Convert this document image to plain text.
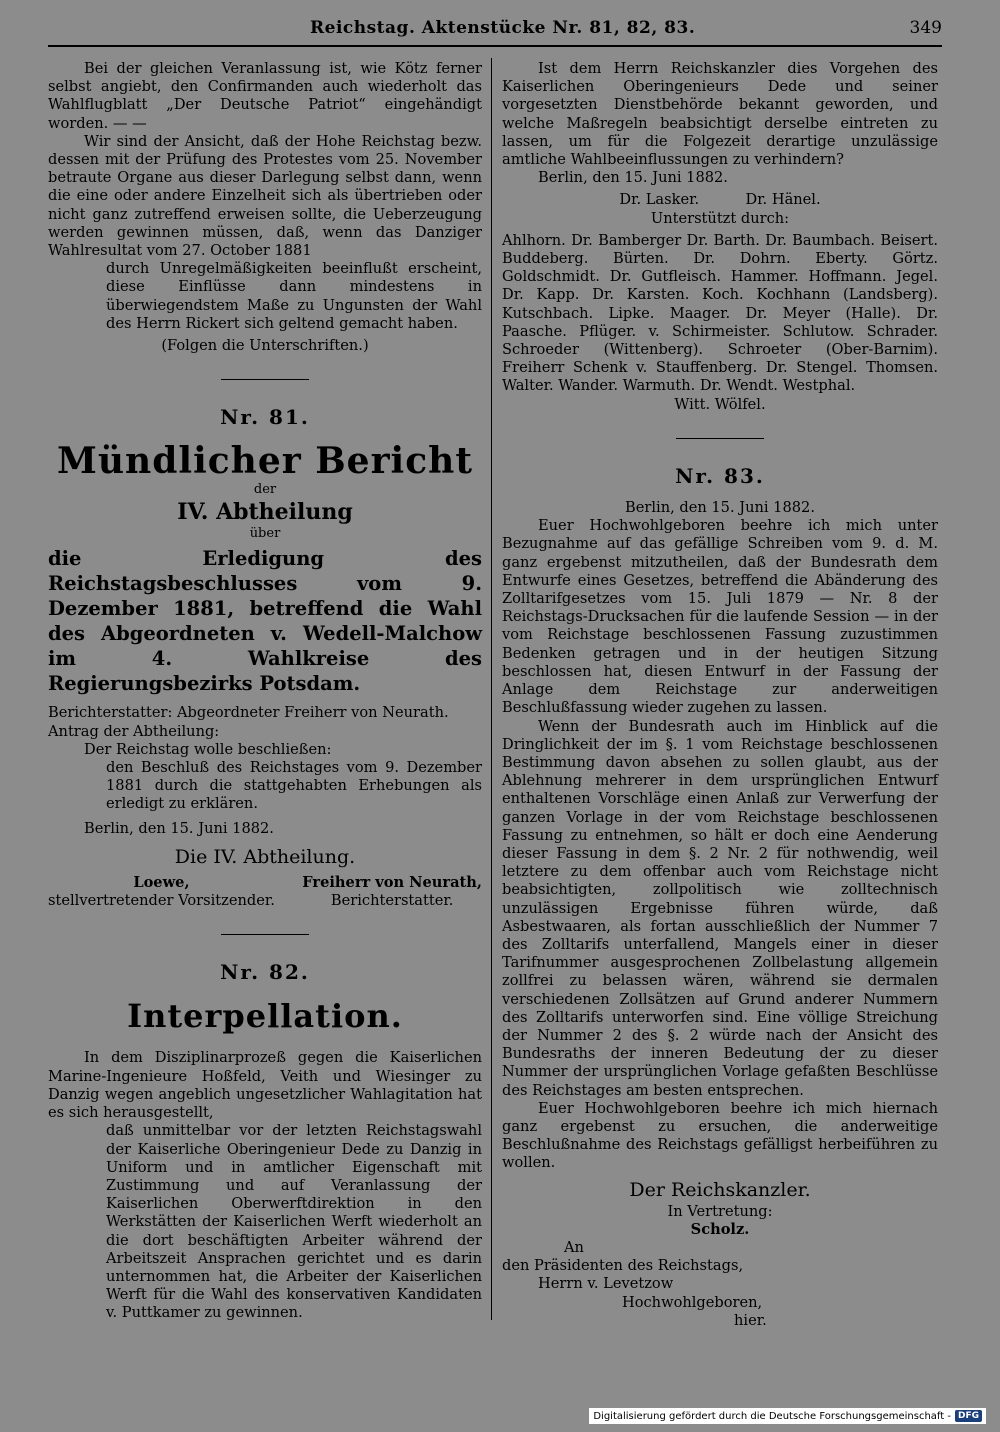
Reichstag. Aktenstücke Nr. 81, 82, 83.	349

Bei der gleichen Veranlassung ist, wie Kötz ferner selbst angiebt, den Confirmanden auch wiederholt das Wahlflugblatt „Der Deutsche Patriot“ eingehändigt worden. — —

Wir sind der Ansicht, daß der Hohe Reichstag bezw. dessen mit der Prüfung des Protestes vom 25. November betraute Organe aus dieser Darlegung selbst dann, wenn die eine oder andere Einzelheit sich als übertrieben oder nicht ganz zutreffend erweisen sollte, die Ueberzeugung werden gewinnen müssen, daß, wenn das Danziger Wahlresultat vom 27. October 1881

durch Unregelmäßigkeiten beeinflußt erscheint, diese Einflüsse dann mindestens in überwiegendstem Maße zu Ungunsten der Wahl des Herrn Rickert sich geltend gemacht haben.

(Folgen die Unterschriften.)

Nr. 81.
Mündlicher Bericht
der
IV. Abtheilung
über

die Erledigung des Reichstagsbeschlusses vom 9. Dezember 1881, betreffend die Wahl des Abgeordneten v. Wedell-Malchow im 4. Wahlkreise des Regierungsbezirks Potsdam.

Berichterstatter: Abgeordneter Freiherr von Neurath.

Antrag der Abtheilung:

Der Reichstag wolle beschließen:

den Beschluß des Reichstages vom 9. Dezember 1881 durch die stattgehabten Erhebungen als erledigt zu erklären.

Berlin, den 15. Juni 1882.

Die IV. Abtheilung.
Loewe,
stellvertretender Vorsitzender.
Freiherr von Neurath,
Berichterstatter.
Nr. 82.
Interpellation.

In dem Disziplinarprozeß gegen die Kaiserlichen Marine-Ingenieure Hoßfeld, Veith und Wiesinger zu Danzig wegen angeblich ungesetzlicher Wahlagitation hat es sich herausgestellt,

daß unmittelbar vor der letzten Reichstagswahl der Kaiserliche Oberingenieur Dede zu Danzig in Uniform und in amtlicher Eigenschaft mit Zustimmung und auf Veranlassung der Kaiserlichen Oberwerftdirektion in den Werkstätten der Kaiserlichen Werft wiederholt an die dort beschäftigten Arbeiter während der Arbeitszeit Ansprachen gerichtet und es darin unternommen hat, die Arbeiter der Kaiserlichen Werft für die Wahl des konservativen Kandidaten v. Puttkamer zu gewinnen.

Ist dem Herrn Reichskanzler dies Vorgehen des Kaiserlichen Oberingenieurs Dede und seiner vorgesetzten Dienstbehörde bekannt geworden, und welche Maßregeln beabsichtigt derselbe eintreten zu lassen, um für die Folgezeit derartige unzulässige amtliche Wahlbeeinflussungen zu verhindern?

Berlin, den 15. Juni 1882.

Dr. Lasker.          Dr. Hänel.

Unterstützt durch:

Ahlhorn. Dr. Bamberger Dr. Barth. Dr. Baumbach. Beisert. Buddeberg. Bürten. Dr. Dohrn. Eberty. Görtz. Goldschmidt. Dr. Gutfleisch. Hammer. Hoffmann. Jegel. Dr. Kapp. Dr. Karsten. Koch. Kochhann (Landsberg). Kutschbach. Lipke. Maager. Dr. Meyer (Halle). Dr. Paasche. Pflüger. v. Schirmeister. Schlutow. Schrader. Schroeder (Wittenberg). Schroeter (Ober-Barnim). Freiherr Schenk v. Stauffenberg. Dr. Stengel. Thomsen. Walter. Wander. Warmuth. Dr. Wendt. Westphal.

Witt. Wölfel.

Nr. 83.

Berlin, den 15. Juni 1882.

Euer Hochwohlgeboren beehre ich mich unter Bezugnahme auf das gefällige Schreiben vom 9. d. M. ganz ergebenst mitzutheilen, daß der Bundesrath dem Entwurfe eines Gesetzes, betreffend die Abänderung des Zolltarifgesetzes vom 15. Juli 1879 — Nr. 8 der Reichstags-Drucksachen für die laufende Session — in der vom Reichstage beschlossenen Fassung zuzustimmen Bedenken getragen und in der heutigen Sitzung beschlossen hat, diesen Entwurf in der Fassung der Anlage dem Reichstage zur anderweitigen Beschlußfassung wieder zugehen zu lassen.

Wenn der Bundesrath auch im Hinblick auf die Dringlichkeit der im §. 1 vom Reichstage beschlossenen Bestimmung davon absehen zu sollen glaubt, aus der Ablehnung mehrerer in dem ursprünglichen Entwurf enthaltenen Vorschläge einen Anlaß zur Verwerfung der ganzen Vorlage in der vom Reichstage beschlossenen Fassung zu entnehmen, so hält er doch eine Aenderung dieser Fassung in dem §. 2 Nr. 2 für nothwendig, weil letztere zu dem offenbar auch vom Reichstage nicht beabsichtigten, zollpolitisch wie zolltechnisch unzulässigen Ergebnisse führen würde, daß Asbestwaaren, als fortan ausschließlich der Nummer 7 des Zolltarifs unterfallend, Mangels einer in dieser Tarifnummer ausgesprochenen Zollbelastung allgemein zollfrei zu belassen wären, während sie dermalen verschiedenen Zollsätzen auf Grund anderer Nummern des Zolltarifs unterworfen sind. Eine völlige Streichung der Nummer 2 des §. 2 würde nach der Ansicht des Bundesraths der inneren Bedeutung der zu dieser Nummer der ursprünglichen Vorlage gefaßten Beschlüsse des Reichstages am besten entsprechen.

Euer Hochwohlgeboren beehre ich mich hiernach ganz ergebenst zu ersuchen, die anderweitige Beschlußnahme des Reichstags gefälligst herbeiführen zu wollen.

Der Reichskanzler.

In Vertretung:

Scholz.

An

den Präsidenten des Reichstags,

Herrn v. Levetzow

Hochwohlgeboren,

hier.

Digitalisierung gefördert durch die Deutsche Forschungsgemeinschaft - DFG
